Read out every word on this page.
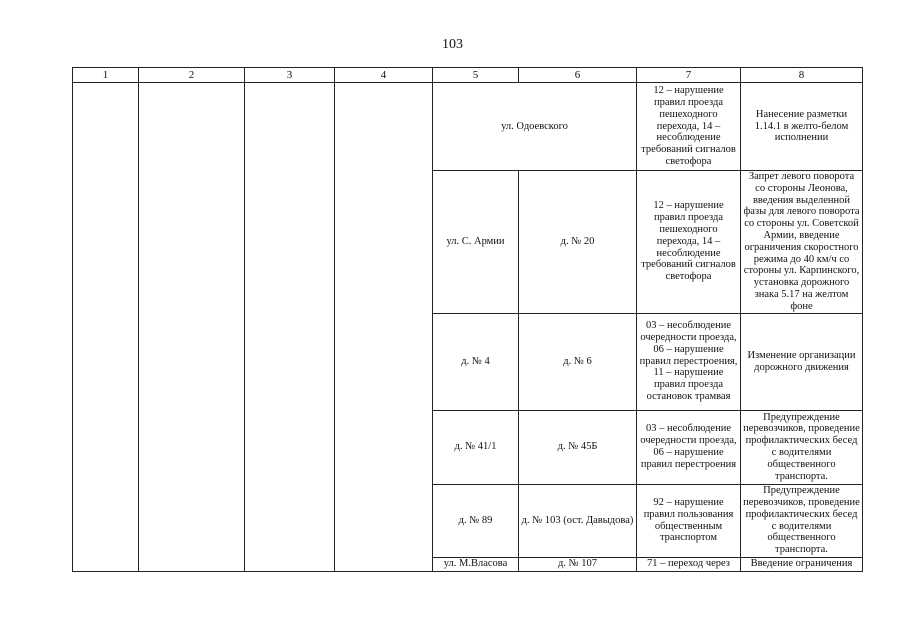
103
1	2	3	4	5	6	7	8
				ул. Одоевского		12 – нарушение правил проезда пешеходного перехода, 14 – несоблюдение требований сигналов светофора	Нанесение разметки 1.14.1 в желто-белом исполнении
				ул. С. Армии	д. № 20	12 – нарушение правил проезда пешеходного перехода, 14 – несоблюдение требований сигналов светофора	Запрет левого поворота со стороны Леонова, введения выделенной фазы для левого поворота со стороны ул. Советской Армии, введение ограничения скоростного режима до 40 км/ч со стороны ул. Карпинского, установка дорожного знака 5.17 на желтом фоне
				д. № 4	д. № 6	03 – несоблюдение очередности проезда, 06 – нарушение правил перестроения, 11 – нарушение правил проезда остановок трамвая	Изменение организации дорожного движения
				д. № 41/1	д. № 45Б	03 – несоблюдение очередности проезда, 06 – нарушение правил перестроения	Предупреждение перевозчиков, проведение профилактических бесед с водителями общественного транспорта.
				д. № 89	д. № 103 (ост. Давыдова)	92 – нарушение правил пользования общественным транспортом	Предупреждение перевозчиков, проведение профилактических бесед с водителями общественного транспорта.
				ул. М.Власова	д. № 107	71 – переход через	Введение ограничения
